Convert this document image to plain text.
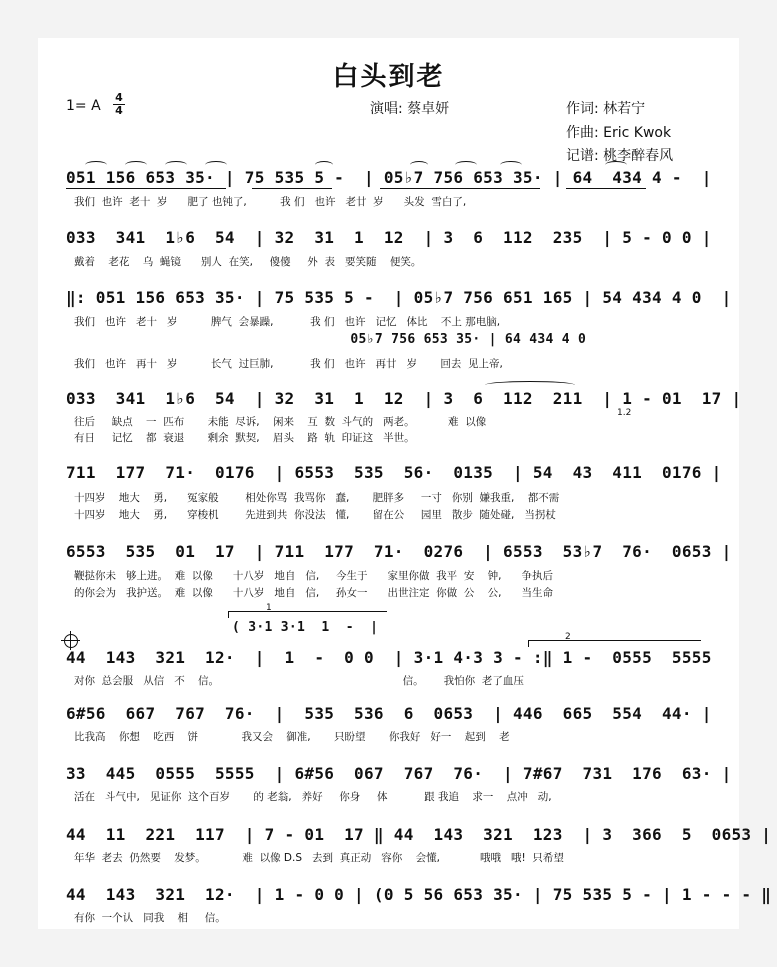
白头到老
1= A
4
4	演唱: 蔡卓妍	作词: 林若宁
作曲: Eric Kwok
记谱: 桃李醉春风
051 156 653 35· | 75 535 5 -  | 05♭7 756 653 35· | 64  434 4 -  |
我们  也许  老十  岁      肥了 也钝了,          我 们   也许   老廿  岁      头发  雪白了,
033  341  1♭6  54  | 32  31  1  12  | 3  6  112  235  | 5 - 0 0 |
戴着    老花    乌  蝇镜      别人  在笑,     傻傻     外  表   要笑随    便笑。
‖: 051 156 653 35· | 75 535 5 -  | 05♭7 756 651 165 | 54 434 4 0  |
我们   也许   老十   岁          脾气  会暴躁,           我 们   也许   记忆   体比    不上 那电脑,
05♭7 756 653 35· | 64 434 4 0
我们   也许   再十   岁          长气  过巨肺,           我 们   也许   再廿   岁       回去  见上帝,
033  341  1♭6  54  | 32  31  1  12  | 3  6  112  211  | 1 - 01  17 |
往后     缺点    一  匹布       未能  尽诉,    闲来    互  数  斗气的   两老。          难  以像
有日     记忆    都  衰退       剩余  默契,    眉头    路  轨  印证这   半世。
1.2
711  177  71·  0176  | 6553  535  56·  0135  | 54  43  411  0176 |
十四岁    地大    勇,      冤家般        相处你骂  我骂你   蠢,       肥胖多     一寸   你别  嫌我重,    都不需
十四岁    地大    勇,      穿梭机        先进到共  你没法   懂,       留在公     园里   散步  随处碰,   当拐杖
6553  535  01  17  | 711  177  71·  0276  | 6553  53♭7  76·  0653 |
鞭挞你未   够上进。  难  以像      十八岁   地自   信,     今生于      家里你做  我平  安    钟,      争执后
的你会为   我护送。  难  以像      十八岁   地自   信,     孙女一      出世注定  你做  公    公,      当生命
1
( 3·1 3·1  1  -  |
2
44  143  321  12·  |  1  -  0 0  | 3·1 4·3 3 - :‖ 1 -  0555  5555
对你  总会服   从信   不    信。                                                       信。      我怕你  老了血压
6#56  667  767  76·  |  535  536  6  0653  | 446  665  554  44· |
比我高    你想    吃西    饼             我又会    御准,       只盼望       你我好   好一    起到    老
33  445  0555  5555  | 6#56  067  767  76·  | 7#67  731  176  63· |
活在   斗气中,   见证你  这个百岁       的 老翁,   养好     你身     体           跟 我追    求一    点冲   动,
44  11  221  117  | 7 - 01  17 ‖ 44  143  321  123  | 3  366  5  0653 |
年华  老去  仍然要    发梦。           难  以像 D.S   去到  真正动   容你    会懂,            哦哦   哦!  只希望
44  143  321  12·  | 1 - 0 0 | (0 5 56 653 35· | 75 535 5 - | 1 - - - ‖
有你  一个认   同我    相     信。
